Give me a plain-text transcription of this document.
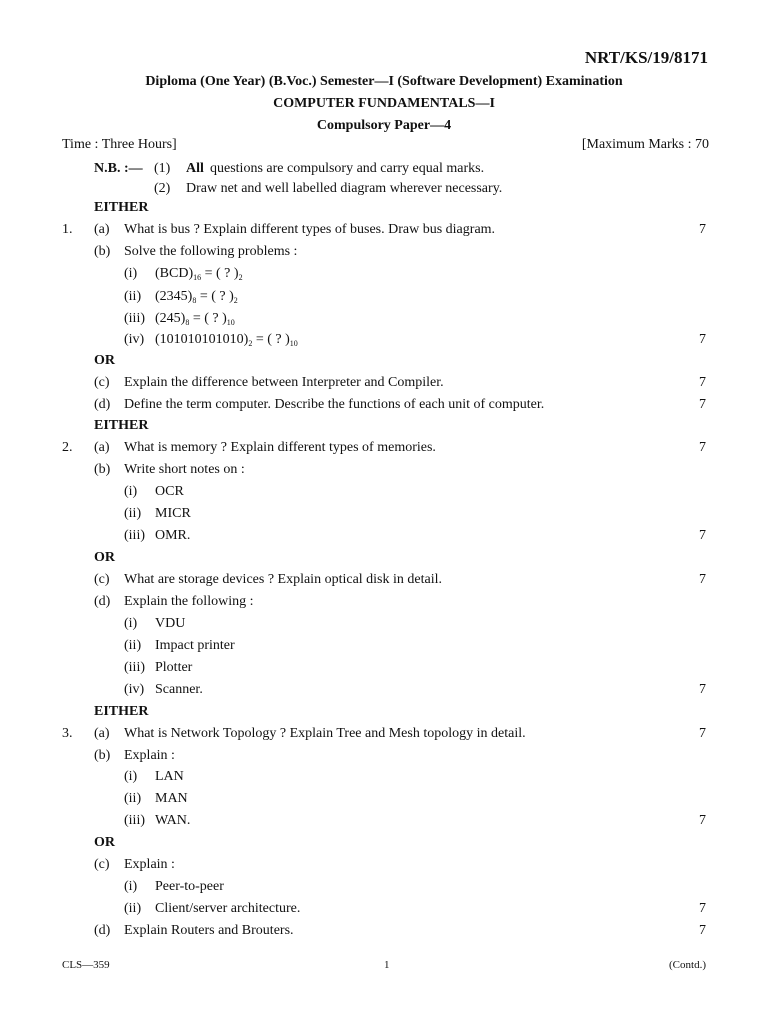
NRT/KS/19/8171
Diploma (One Year) (B.Voc.) Semester—I (Software Development) Examination
COMPUTER FUNDAMENTALS—I
Compulsory Paper—4
Time : Three Hours]	[Maximum Marks : 70
N.B. :— (1) All questions are compulsory and carry equal marks.
(2) Draw net and well labelled diagram wherever necessary.
EITHER
1. (a) What is bus ? Explain different types of buses. Draw bus diagram.	7
(b) Solve the following problems :
(i) $(BCD)_{16}$ = ( ? )$_2$
(ii) $(2345)_8$ = ( ? )$_2$
(iii) $(245)_8$ = ( ? )$_{10}$
(iv) $(101010101010)_2$ = ( ? )$_{10}$	7
OR
(c) Explain the difference between Interpreter and Compiler.	7
(d) Define the term computer. Describe the functions of each unit of computer.	7
EITHER
2. (a) What is memory ? Explain different types of memories.	7
(b) Write short notes on :
(i) OCR
(ii) MICR
(iii) OMR.	7
OR
(c) What are storage devices ? Explain optical disk in detail.	7
(d) Explain the following :
(i) VDU
(ii) Impact printer
(iii) Plotter
(iv) Scanner.	7
EITHER
3. (a) What is Network Topology ? Explain Tree and Mesh topology in detail.	7
(b) Explain :
(i) LAN
(ii) MAN
(iii) WAN.	7
OR
(c) Explain :
(i) Peer-to-peer
(ii) Client/server architecture.	7
(d) Explain Routers and Brouters.	7
CLS—359	1	(Contd.)
